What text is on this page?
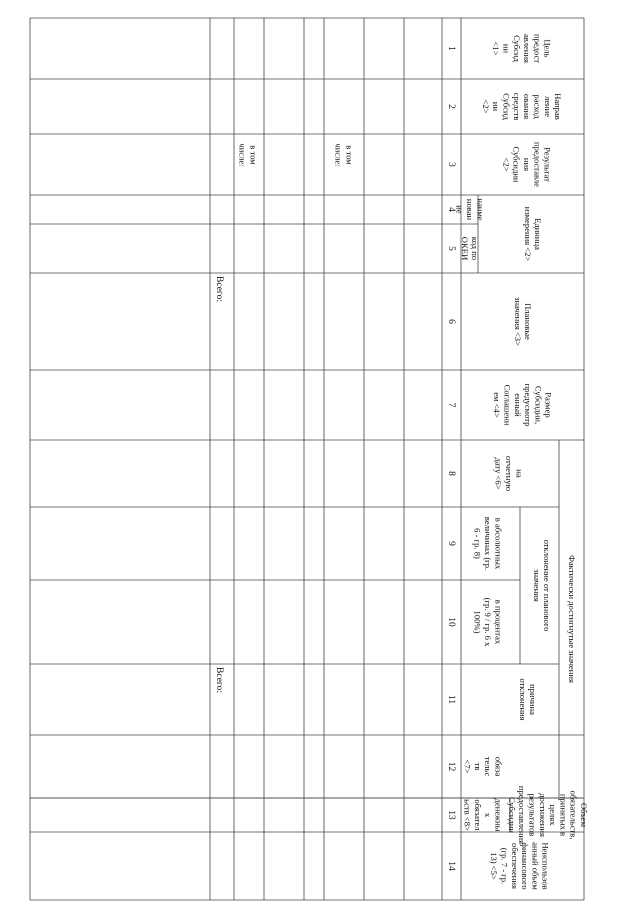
ЦельпредоставленияСубсидии<1>
НаправлениерасходованиясредствСубсидии<2>
РезультатпредоставленияСубсидии<2>
Единицаизмерения <2>
наименование
код поОКЕИ
Плановыезначения <3>
РазмерСубсидии,предусмотренныйСоглашением <4>
Фактически достигнутые значения
наотчетнуюдату <6>
отклонение от плановогозначения
в абсолютныхвеличинах (гр.6 - гр. 8)
в процентах(гр. 9 / гр. 6 х100%)
причинаотклонения
Объемобязательств,принятых вцеляхдостижениярезультатовпредоставленияСубсидии
обязательств<7>
денежныхобязательств <8>
Неиспользованный объемфинансовогообеспечения(гр. 7 - гр.13) <5>
1
2
3
4
5
6
7
8
9
10
11
12
13
14
в томчисле:
в томчисле:
Всего:
Всего:
